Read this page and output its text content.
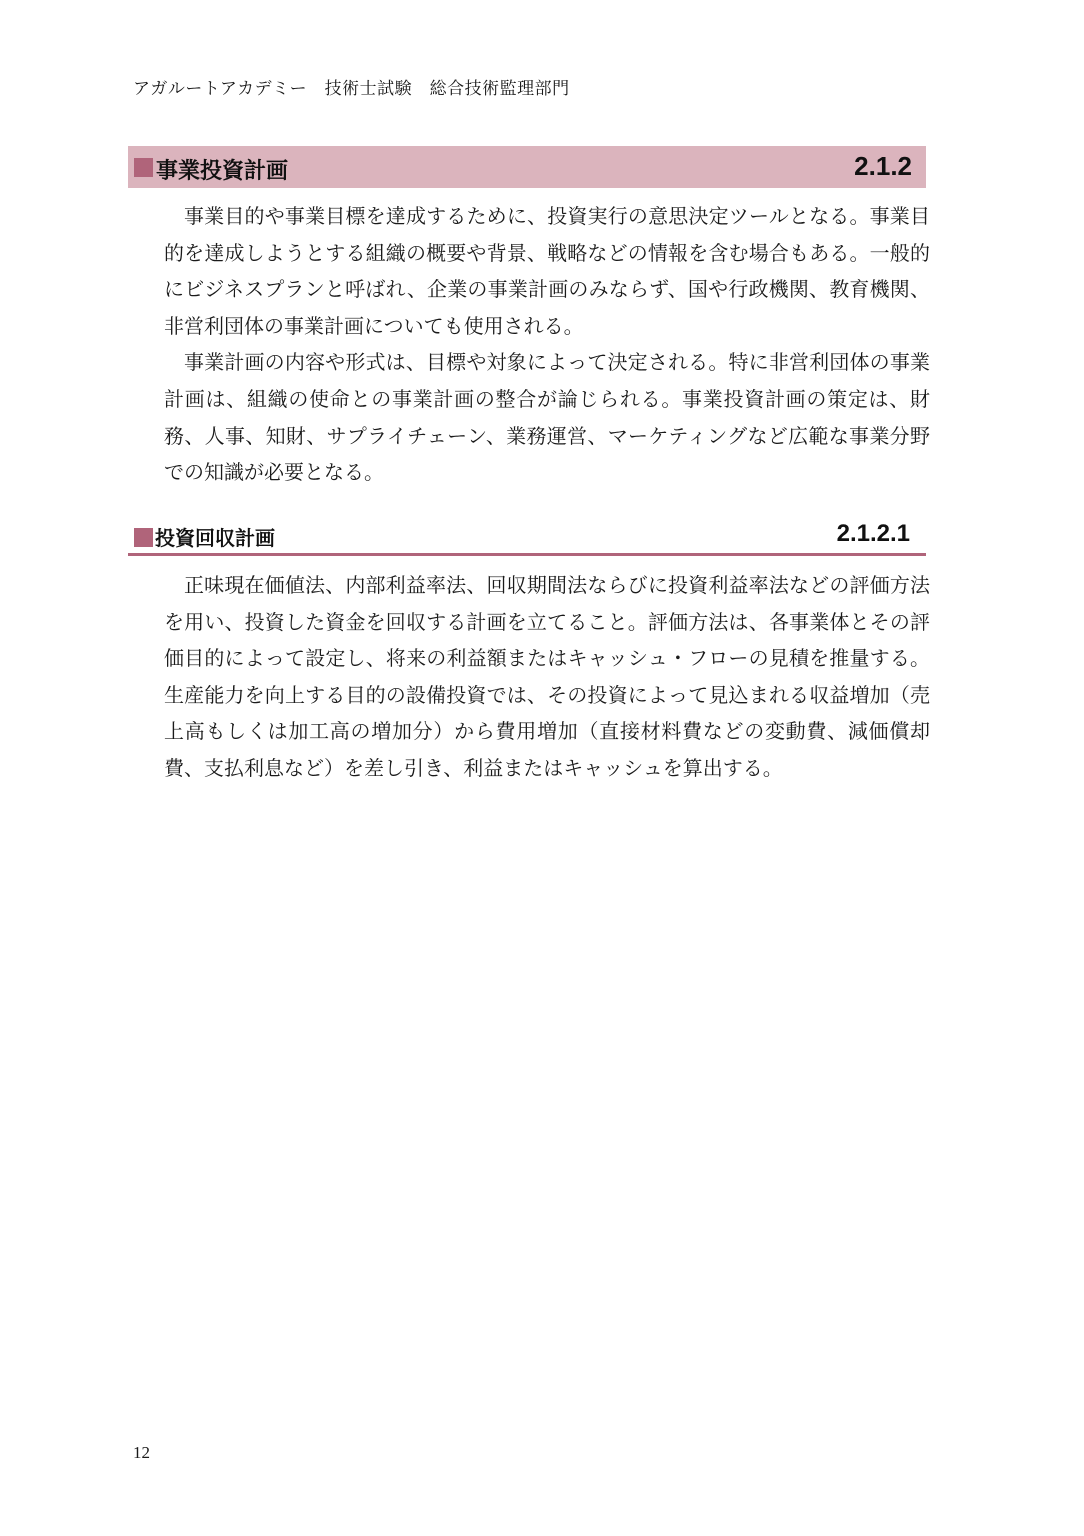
アガルートアカデミー　技術士試験　総合技術監理部門
事業投資計画	2.1.2

事業目的や事業目標を達成するために、投資実行の意思決定ツールとなる。事業目的を達成しようとする組織の概要や背景、戦略などの情報を含む場合もある。一般的にビジネスプランと呼ばれ、企業の事業計画のみならず、国や行政機関、教育機関、非営利団体の事業計画についても使用される。

事業計画の内容や形式は、目標や対象によって決定される。特に非営利団体の事業計画は、組織の使命との事業計画の整合が論じられる。事業投資計画の策定は、財務、人事、知財、サプライチェーン、業務運営、マーケティングなど広範な事業分野での知識が必要となる。

投資回収計画	2.1.2.1

正味現在価値法、内部利益率法、回収期間法ならびに投資利益率法などの評価方法を用い、投資した資金を回収する計画を立てること。評価方法は、各事業体とその評価目的によって設定し、将来の利益額またはキャッシュ・フローの見積を推量する。生産能力を向上する目的の設備投資では、その投資によって見込まれる収益増加（売上高もしくは加工高の増加分）から費用増加（直接材料費などの変動費、減価償却費、支払利息など）を差し引き、利益またはキャッシュを算出する。

12
